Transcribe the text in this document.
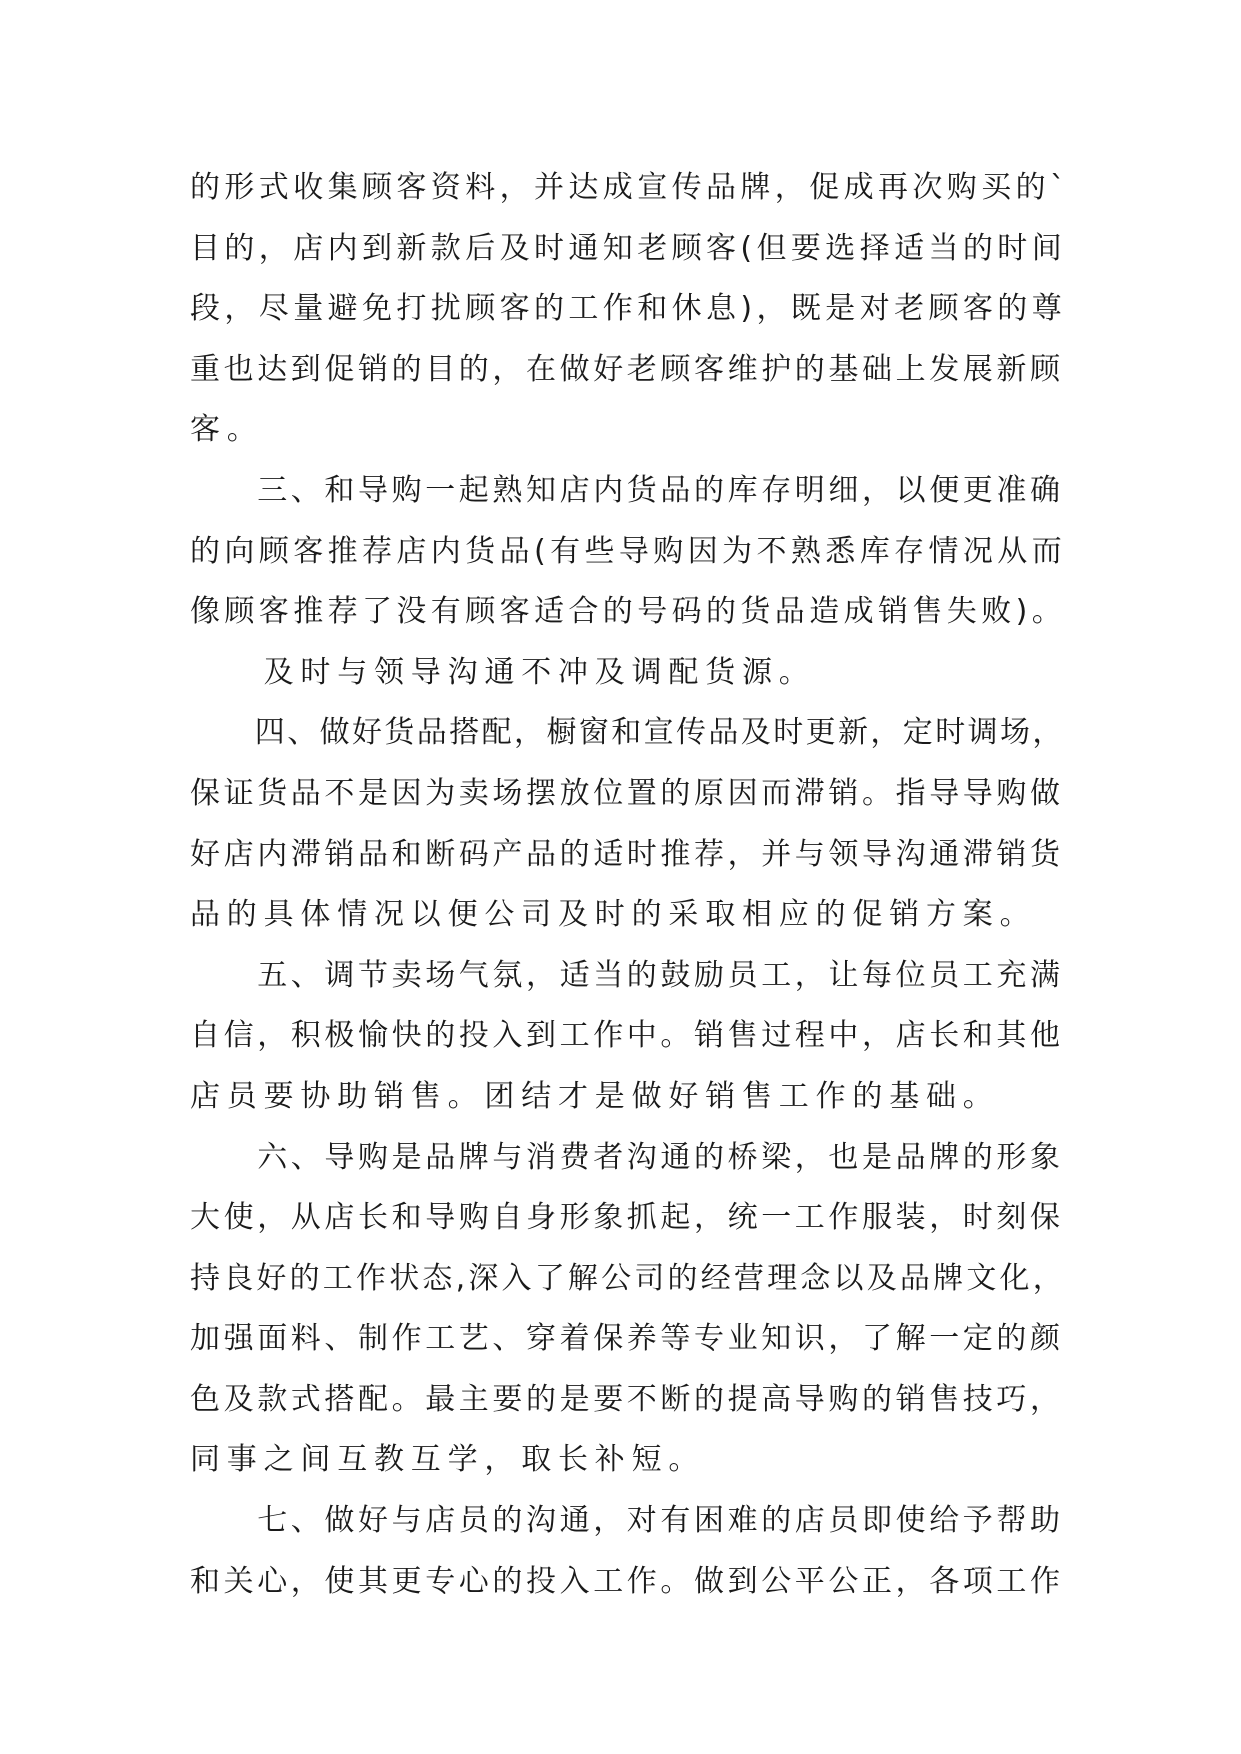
的形式收集顾客资料，并达成宣传品牌，促成再次购买的`
目的，店内到新款后及时通知老顾客(但要选择适当的时间
段，尽量避免打扰顾客的工作和休息)，既是对老顾客的尊
重也达到促销的目的，在做好老顾客维护的基础上发展新顾
客。
　　三、和导购一起熟知店内货品的库存明细，以便更准确
的向顾客推荐店内货品(有些导购因为不熟悉库存情况从而
像顾客推荐了没有顾客适合的号码的货品造成销售失败)。
　　及时与领导沟通不冲及调配货源。
　　四、做好货品搭配，橱窗和宣传品及时更新，定时调场，
保证货品不是因为卖场摆放位置的原因而滞销。指导导购做
好店内滞销品和断码产品的适时推荐，并与领导沟通滞销货
品的具体情况以便公司及时的采取相应的促销方案。
　　五、调节卖场气氛，适当的鼓励员工，让每位员工充满
自信，积极愉快的投入到工作中。销售过程中，店长和其他
店员要协助销售。团结才是做好销售工作的基础。
　　六、导购是品牌与消费者沟通的桥梁，也是品牌的形象
大使，从店长和导购自身形象抓起，统一工作服装，时刻保
持良好的工作状态,深入了解公司的经营理念以及品牌文化，
加强面料、制作工艺、穿着保养等专业知识，了解一定的颜
色及款式搭配。最主要的是要不断的提高导购的销售技巧，
同事之间互教互学，取长补短。
　　七、做好与店员的沟通，对有困难的店员即使给予帮助
和关心，使其更专心的投入工作。做到公平公正，各项工作
